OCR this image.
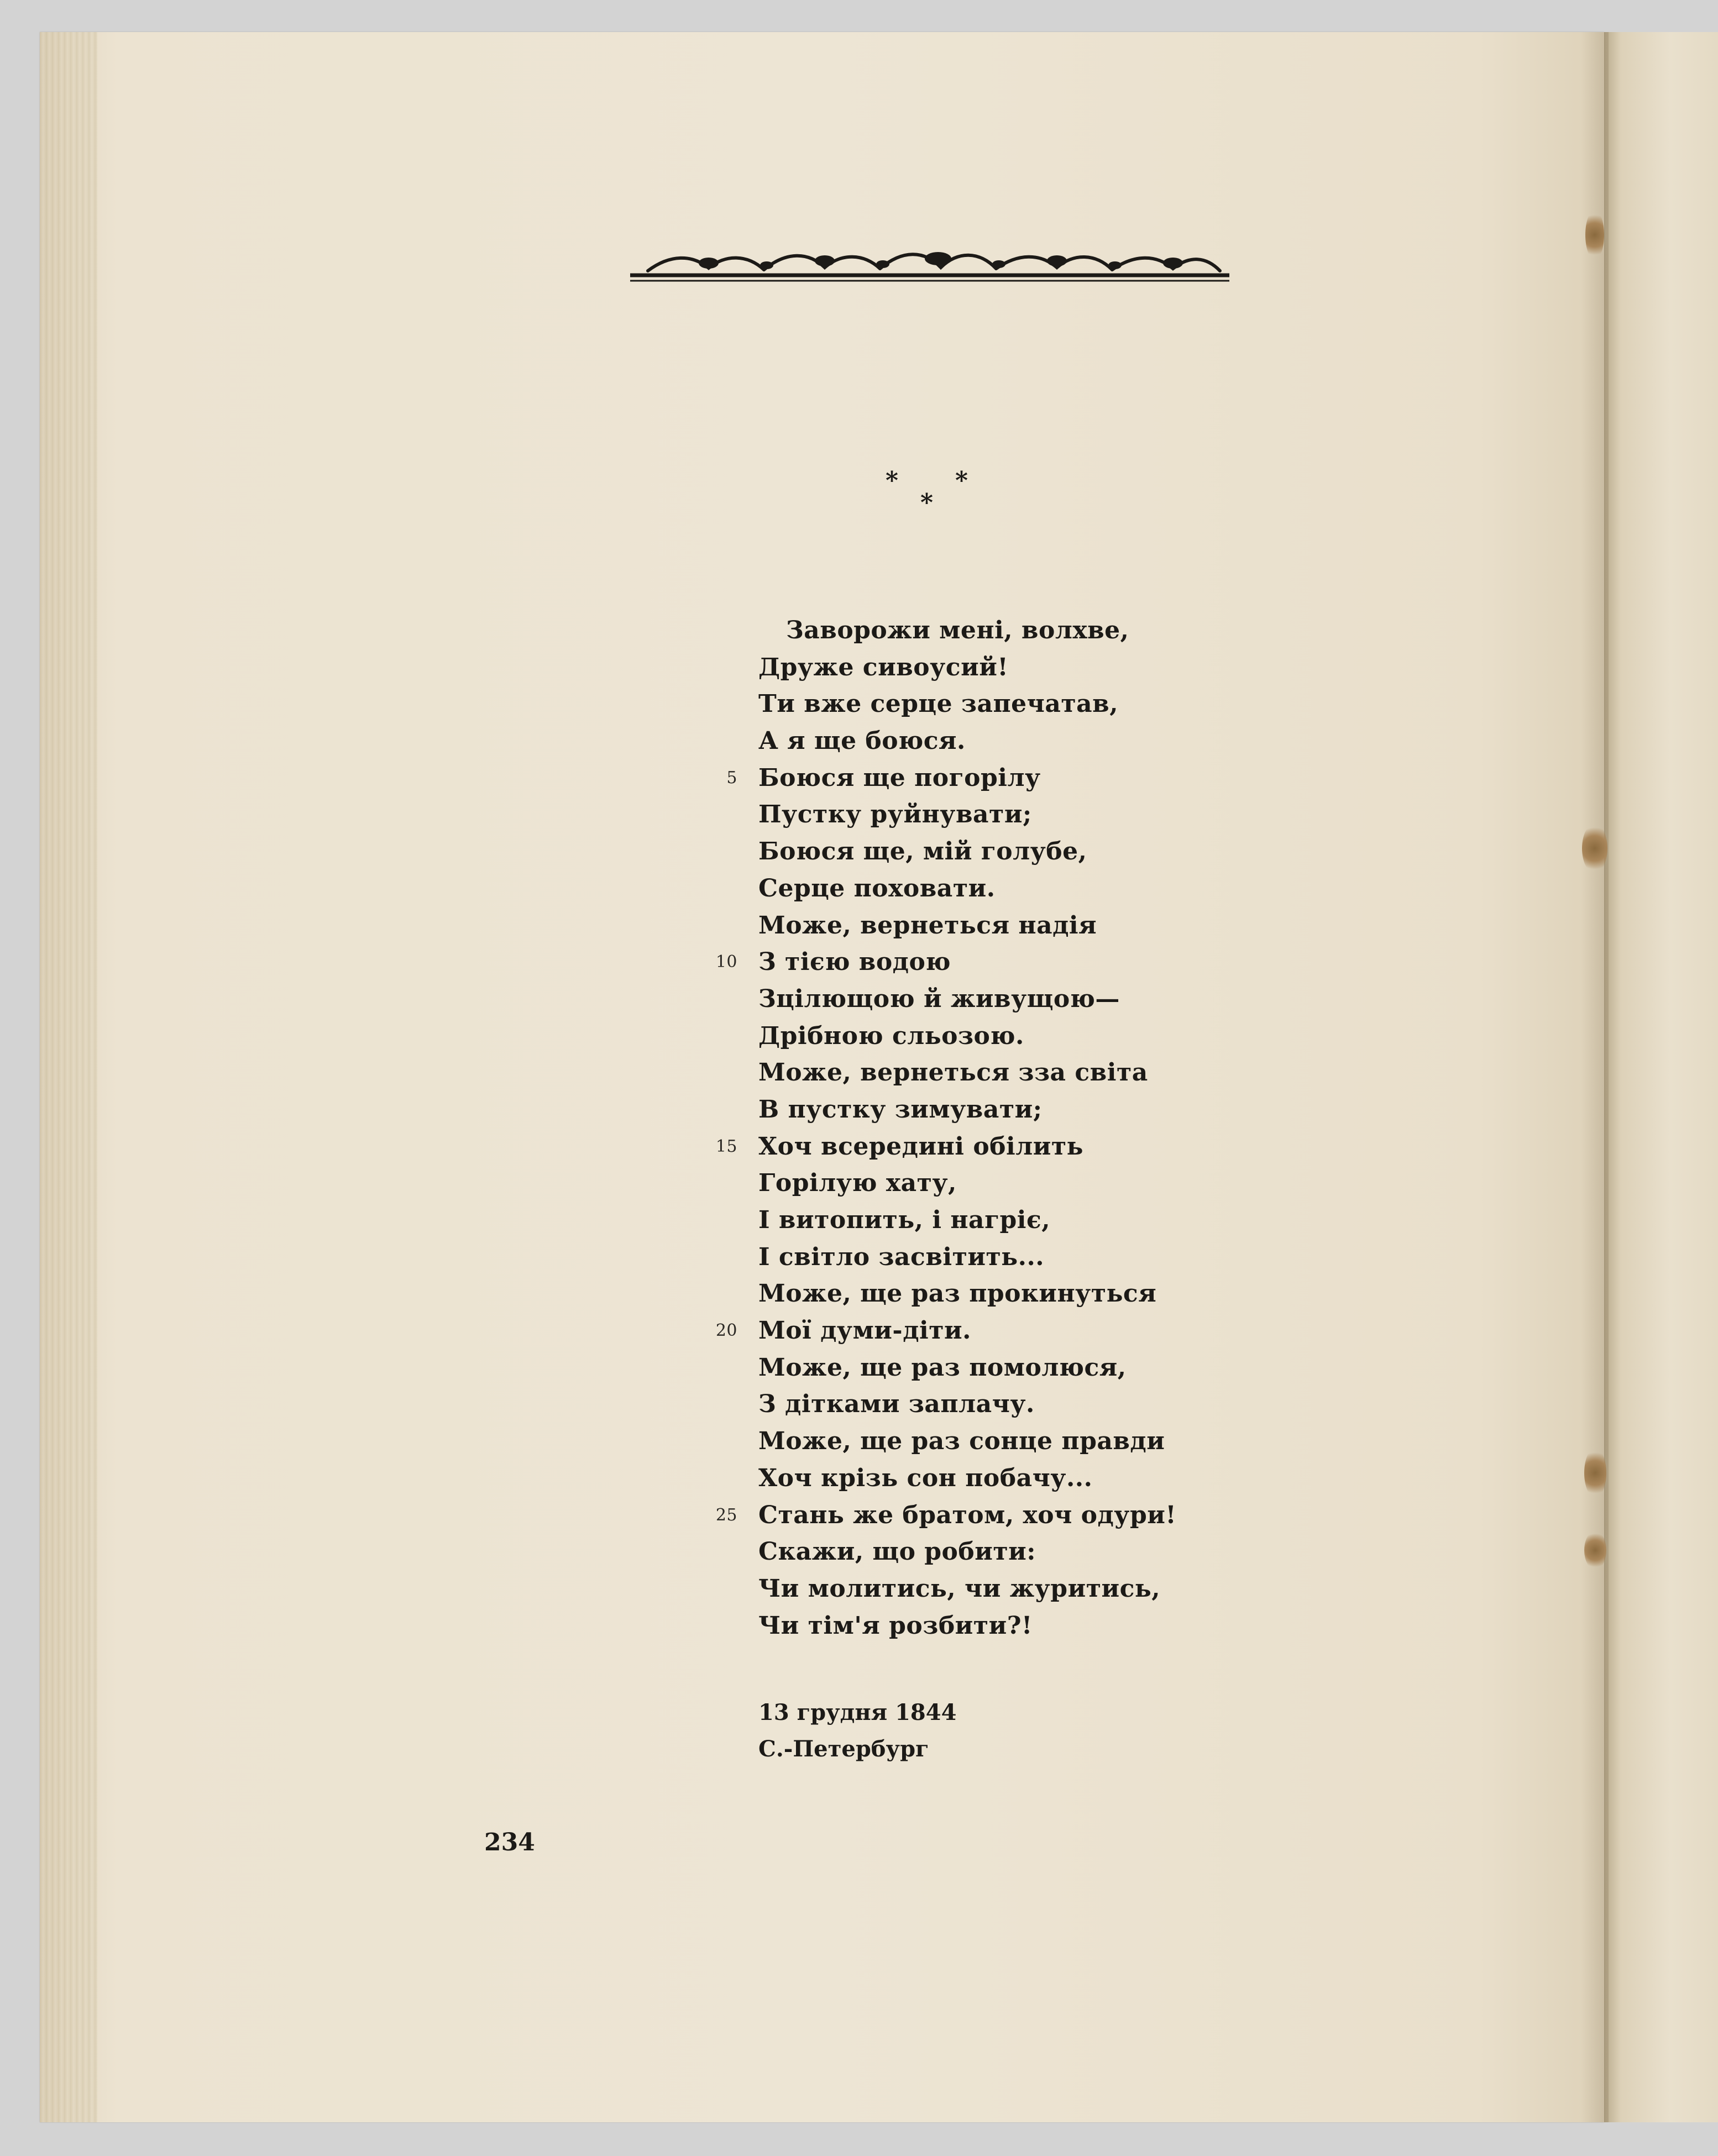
* *
*
Заворожи мені, волхве,
Друже сивоусий!
Ти вже серце запечатав,
А я ще боюся.
5 Боюся ще погорілу
Пустку руйнувати;
Боюся ще, мій голубе,
Серце поховати.
Може, вернеться надія
10 З тією водою
Зцілющою й живущою—
Дрібною сльозою.
Може, вернеться зза світа
В пустку зимувати;
15 Хоч всередині обілить
Горілую хату,
І витопить, і нагріє,
І світло засвітить...
Може, ще раз прокинуться
20 Мої думи-діти.
Може, ще раз помолюся,
З дітками заплачу.
Може, ще раз сонце правди
Хоч крізь сон побачу...
25 Стань же братом, хоч одури!
Скажи, що робити:
Чи молитись, чи журитись,
Чи тім'я розбити?!
13 грудня 1844
С.-Петербург
234
